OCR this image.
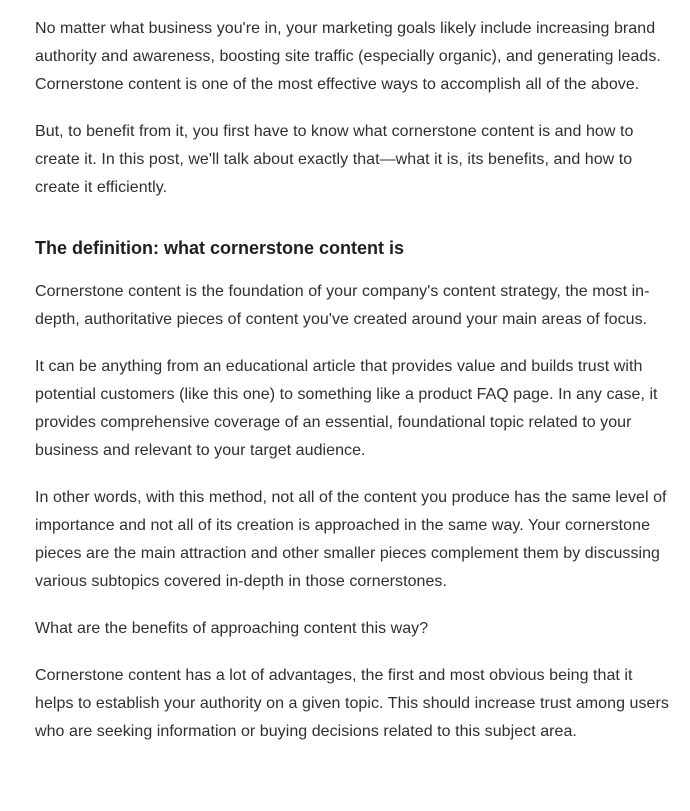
No matter what business you're in, your marketing goals likely include increasing brand authority and awareness, boosting site traffic (especially organic), and generating leads. Cornerstone content is one of the most effective ways to accomplish all of the above.

But, to benefit from it, you first have to know what cornerstone content is and how to create it. In this post, we'll talk about exactly that—what it is, its benefits, and how to create it efficiently.

The definition: what cornerstone content is

Cornerstone content is the foundation of your company's content strategy, the most in-depth, authoritative pieces of content you've created around your main areas of focus.

It can be anything from an educational article that provides value and builds trust with potential customers (like this one) to something like a product FAQ page. In any case, it provides comprehensive coverage of an essential, foundational topic related to your business and relevant to your target audience.

In other words, with this method, not all of the content you produce has the same level of importance and not all of its creation is approached in the same way. Your cornerstone pieces are the main attraction and other smaller pieces complement them by discussing various subtopics covered in-depth in those cornerstones.

What are the benefits of approaching content this way?

Cornerstone content has a lot of advantages, the first and most obvious being that it helps to establish your authority on a given topic. This should increase trust among users who are seeking information or buying decisions related to this subject area.
